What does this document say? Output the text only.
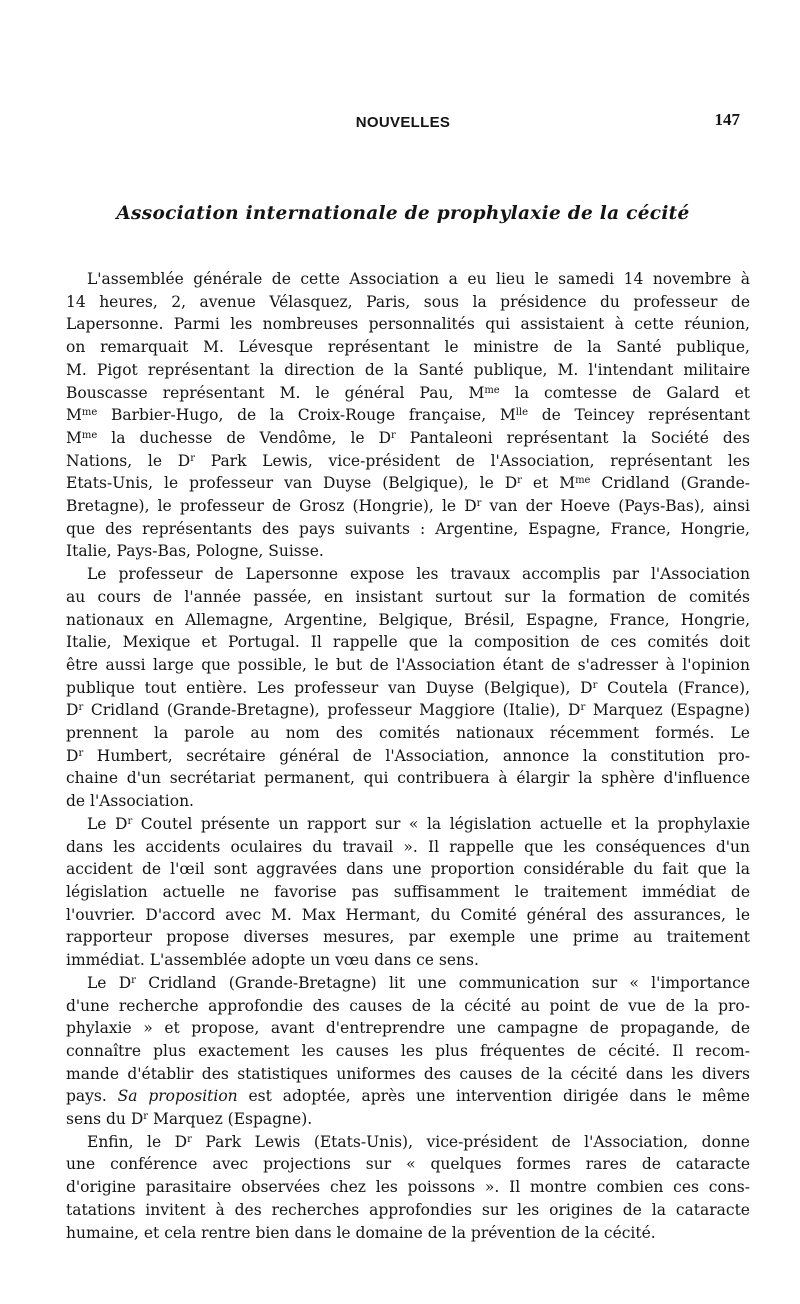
NOUVELLES	147
Association internationale de prophylaxie de la cécité

L'assemblée générale de cette Association a eu lieu le samedi 14 novembre à
14 heures, 2, avenue Vélasquez, Paris, sous la présidence du professeur de
Lapersonne. Parmi les nombreuses personnalités qui assistaient à cette réunion,
on remarquait M. Lévesque représentant le ministre de la Santé publique,
M. Pigot représentant la direction de la Santé publique, M. l'intendant militaire
Bouscasse représentant M. le général Pau, $M^{me}$ la comtesse de Galard et
$M^{me}$ Barbier-Hugo, de la Croix-Rouge française, $M^{lle}$ de Teincey représentant
$M^{me}$ la duchesse de Vendôme, le $D^r$ Pantaleoni représentant la Société des
Nations, le $D^r$ Park Lewis, vice-président de l'Association, représentant les
Etats-Unis, le professeur van Duyse (Belgique), le $D^r$ et $M^{me}$ Cridland (Grande-
Bretagne), le professeur de Grosz (Hongrie), le $D^r$ van der Hoeve (Pays-Bas), ainsi
que des représentants des pays suivants : Argentine, Espagne, France, Hongrie,
Italie, Pays-Bas, Pologne, Suisse.

Le professeur de Lapersonne expose les travaux accomplis par l'Association
au cours de l'année passée, en insistant surtout sur la formation de comités
nationaux en Allemagne, Argentine, Belgique, Brésil, Espagne, France, Hongrie,
Italie, Mexique et Portugal. Il rappelle que la composition de ces comités doit
être aussi large que possible, le but de l'Association étant de s'adresser à l'opinion
publique tout entière. Les professeur van Duyse (Belgique), $D^r$ Coutela (France),
$D^r$ Cridland (Grande-Bretagne), professeur Maggiore (Italie), $D^r$ Marquez (Espagne)
prennent la parole au nom des comités nationaux récemment formés. Le
$D^r$ Humbert, secrétaire général de l'Association, annonce la constitution pro-
chaine d'un secrétariat permanent, qui contribuera à élargir la sphère d'influence
de l'Association.

Le $D^r$ Coutel présente un rapport sur « la législation actuelle et la prophylaxie
dans les accidents oculaires du travail ». Il rappelle que les conséquences d'un
accident de l'œil sont aggravées dans une proportion considérable du fait que la
législation actuelle ne favorise pas suffisamment le traitement immédiat de
l'ouvrier. D'accord avec M. Max Hermant, du Comité général des assurances, le
rapporteur propose diverses mesures, par exemple une prime au traitement
immédiat. L'assemblée adopte un vœu dans ce sens.

Le $D^r$ Cridland (Grande-Bretagne) lit une communication sur « l'importance
d'une recherche approfondie des causes de la cécité au point de vue de la pro-
phylaxie » et propose, avant d'entreprendre une campagne de propagande, de
connaître plus exactement les causes les plus fréquentes de cécité. Il recom-
mande d'établir des statistiques uniformes des causes de la cécité dans les divers
pays. Sa proposition est adoptée, après une intervention dirigée dans le même
sens du $D^r$ Marquez (Espagne).

Enfin, le $D^r$ Park Lewis (Etats-Unis), vice-président de l'Association, donne
une conférence avec projections sur « quelques formes rares de cataracte
d'origine parasitaire observées chez les poissons ». Il montre combien ces cons-
tatations invitent à des recherches approfondies sur les origines de la cataracte
humaine, et cela rentre bien dans le domaine de la prévention de la cécité.
